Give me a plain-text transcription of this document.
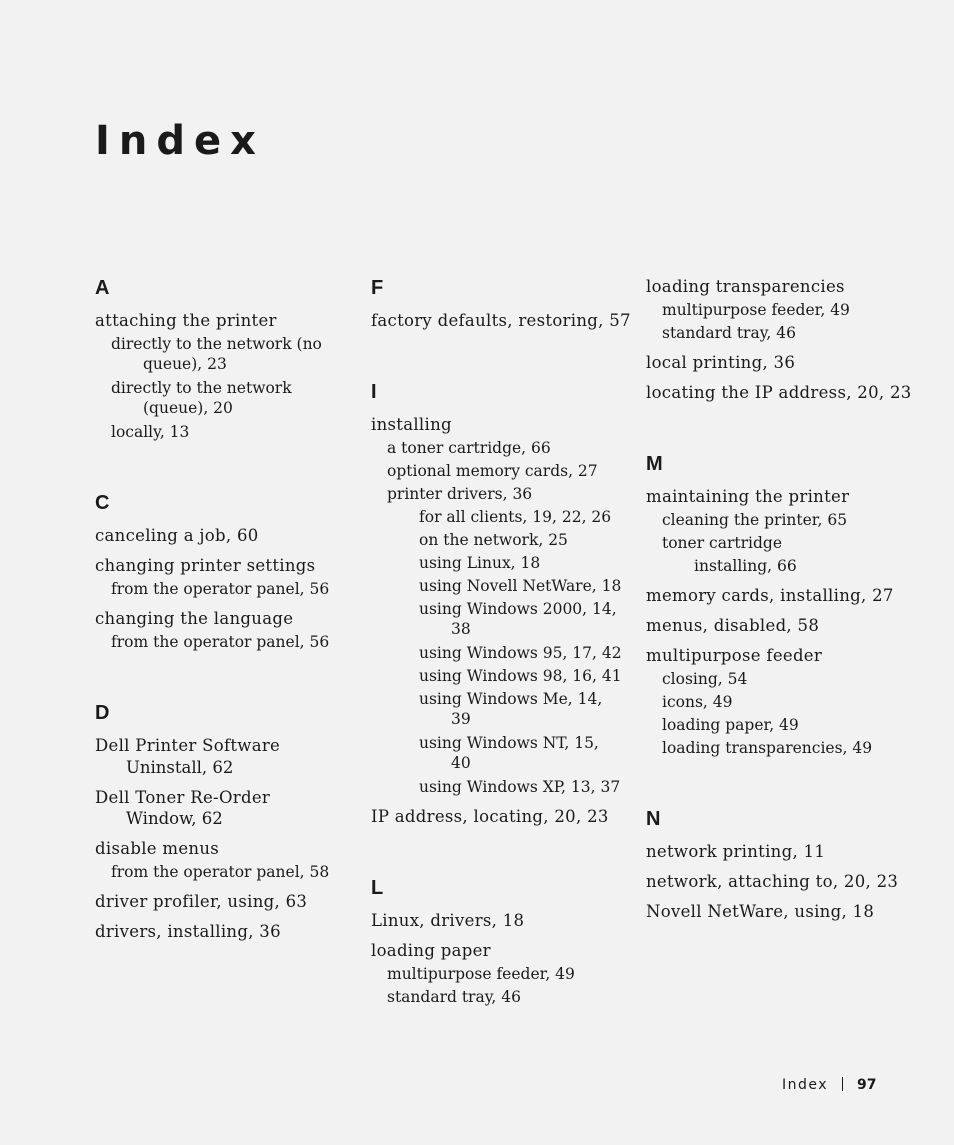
Index
A
attaching the printer
directly to the network (no
queue), 23
directly to the network
(queue), 20
locally, 13
C
canceling a job, 60
changing printer settings
from the operator panel, 56
changing the language
from the operator panel, 56
D
Dell Printer Software
Uninstall, 62
Dell Toner Re-Order
Window, 62
disable menus
from the operator panel, 58
driver profiler, using, 63
drivers, installing, 36
F
factory defaults, restoring, 57
I
installing
a toner cartridge, 66
optional memory cards, 27
printer drivers, 36
for all clients, 19, 22, 26
on the network, 25
using Linux, 18
using Novell NetWare, 18
using Windows 2000, 14,
38
using Windows 95, 17, 42
using Windows 98, 16, 41
using Windows Me, 14,
39
using Windows NT, 15,
40
using Windows XP, 13, 37
IP address, locating, 20, 23
L
Linux, drivers, 18
loading paper
multipurpose feeder, 49
standard tray, 46
loading transparencies
multipurpose feeder, 49
standard tray, 46
local printing, 36
locating the IP address, 20, 23
M
maintaining the printer
cleaning the printer, 65
toner cartridge
installing, 66
memory cards, installing, 27
menus, disabled, 58
multipurpose feeder
closing, 54
icons, 49
loading paper, 49
loading transparencies, 49
N
network printing, 11
network, attaching to, 20, 23
Novell NetWare, using, 18
Index 97
